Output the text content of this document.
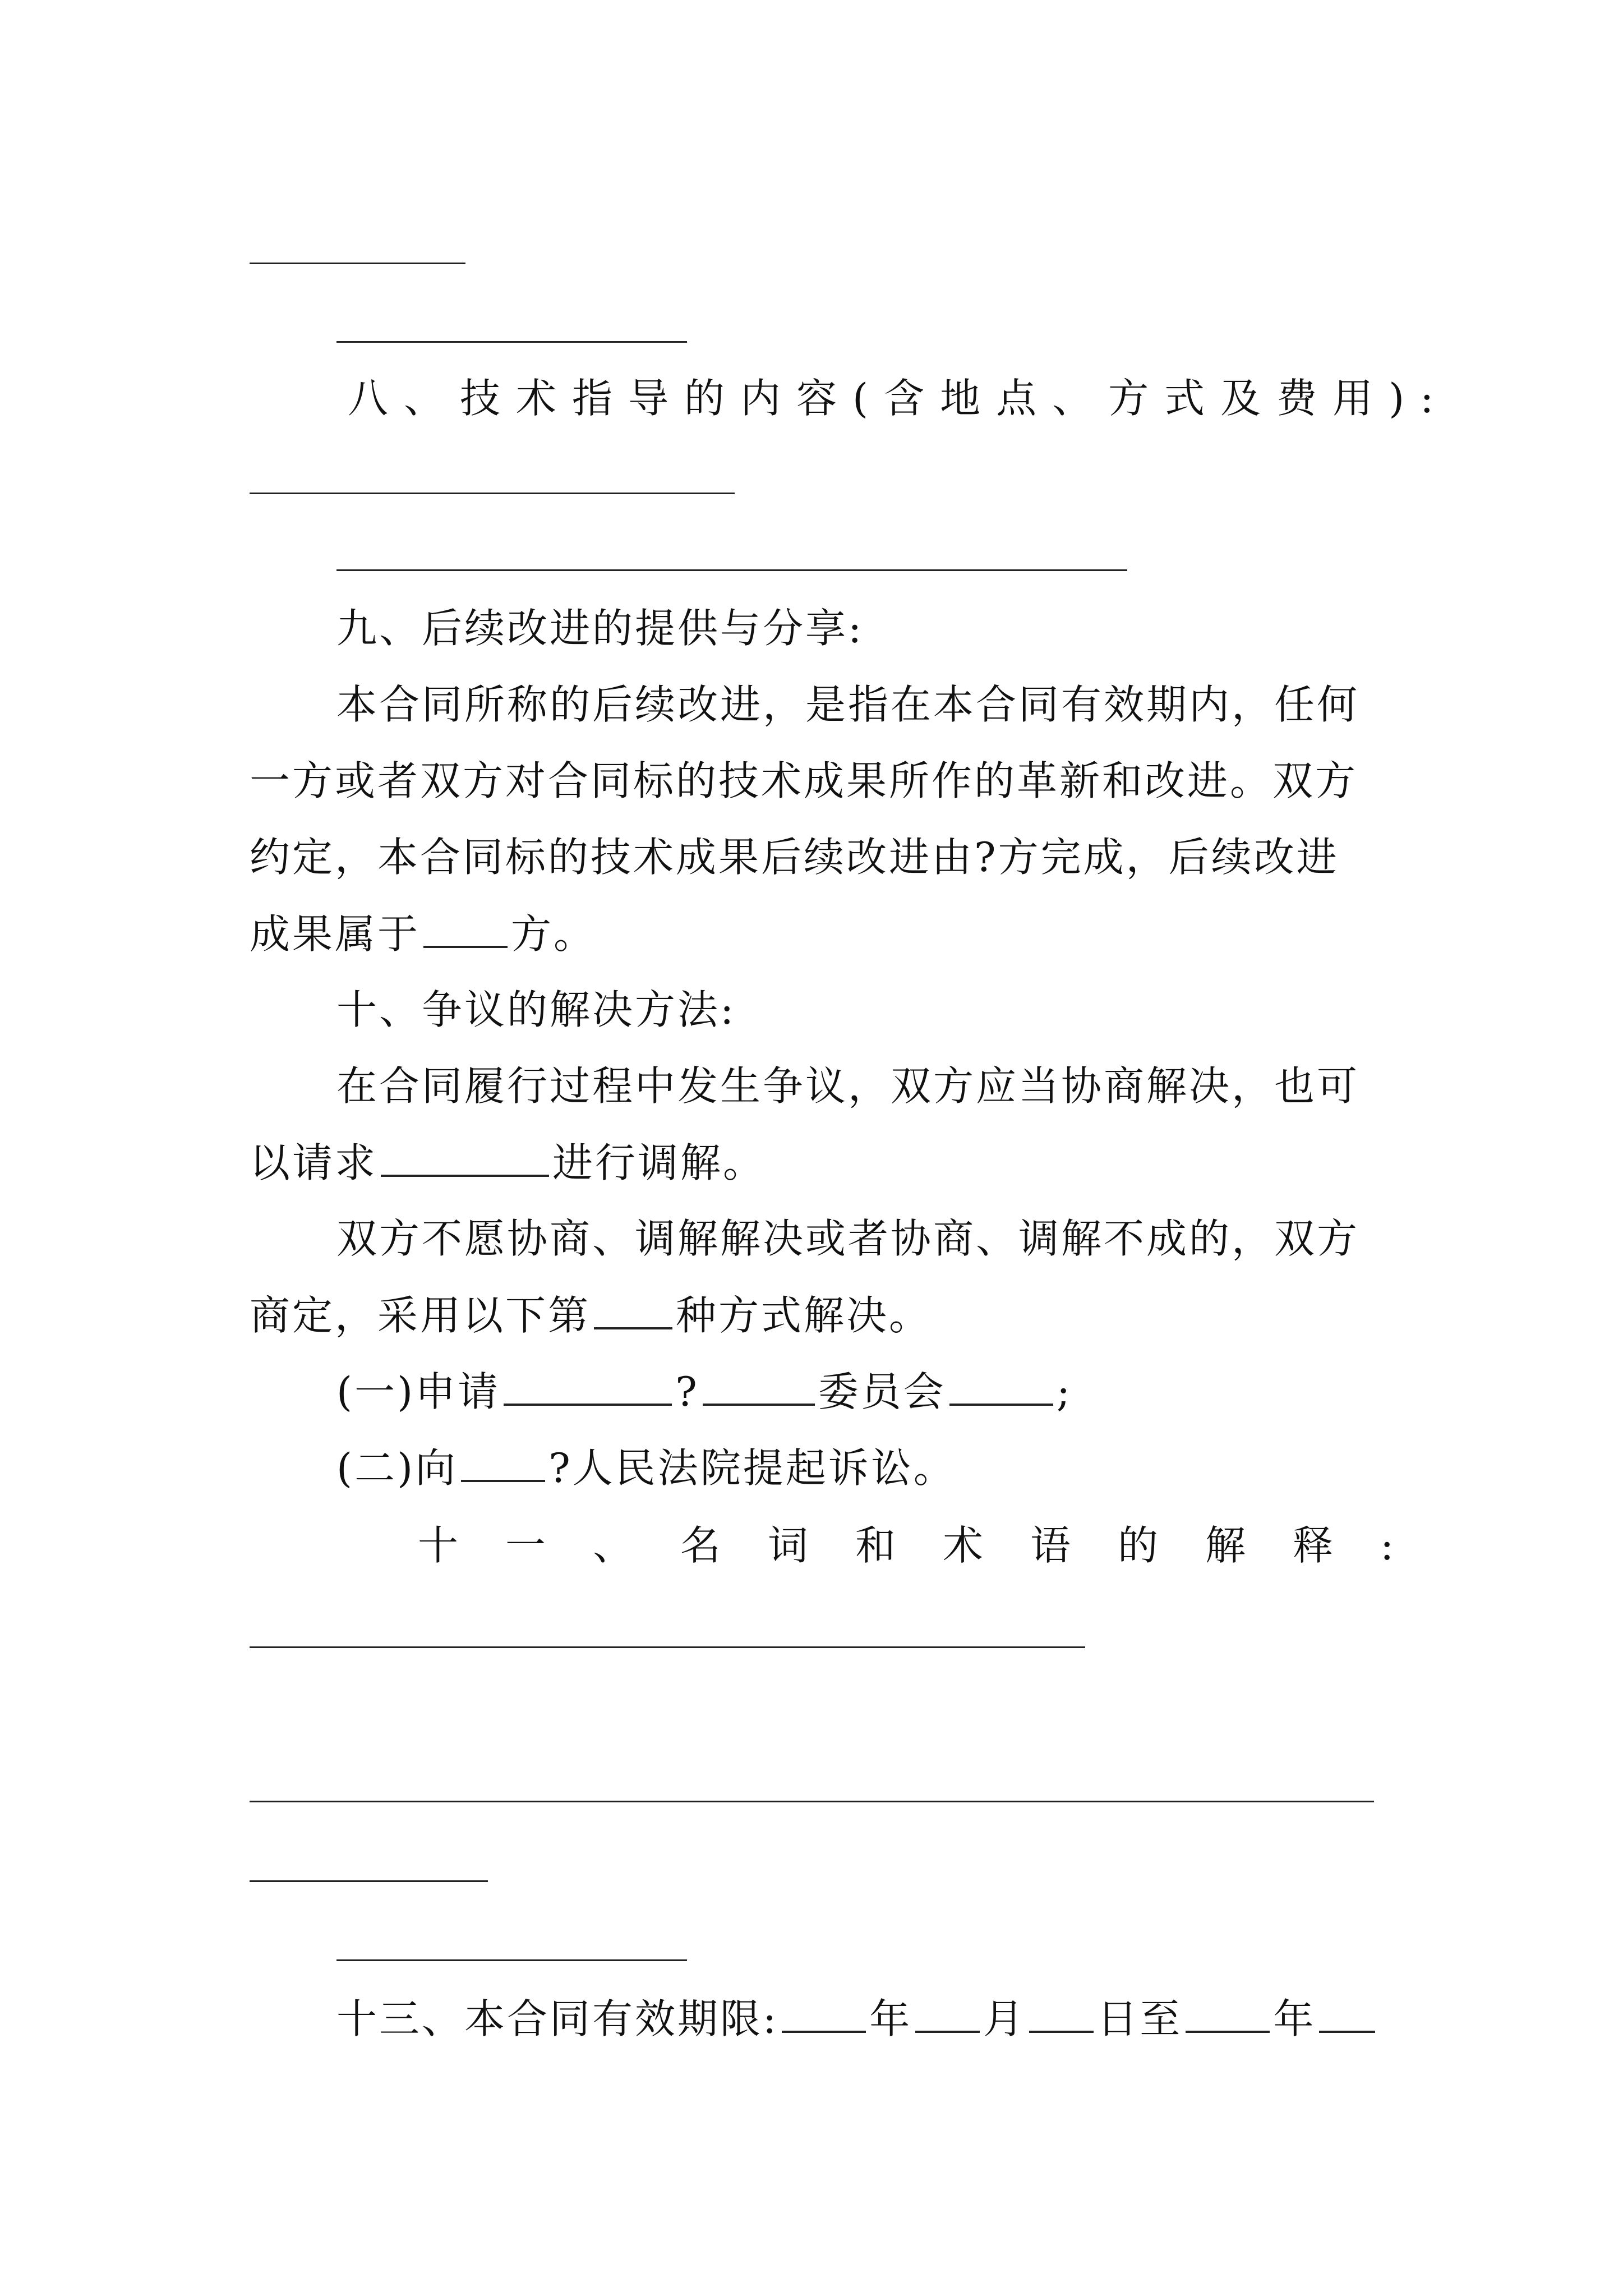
八、技术指导的内容(含地点、方式及费用):
九、后续改进的提供与分享:
本合同所称的后续改进，是指在本合同有效期内，任何
一方或者双方对合同标的技术成果所作的革新和改进。双方
约定，本合同标的技术成果后续改进由?方完成，后续改进
成果属于 方。
十、争议的解决方法:
在合同履行过程中发生争议，双方应当协商解决，也可
以请求	进行调解。
双方不愿协商、调解解决或者协商、调解不成的，双方
商定，采用以下第 种方式解决。
(一)申请	?	委员会	;
(二)向 ?人民法院提起诉讼。
十一、名词和术语的解释:
十三、本合同有效期限: 年 月 日至 年
